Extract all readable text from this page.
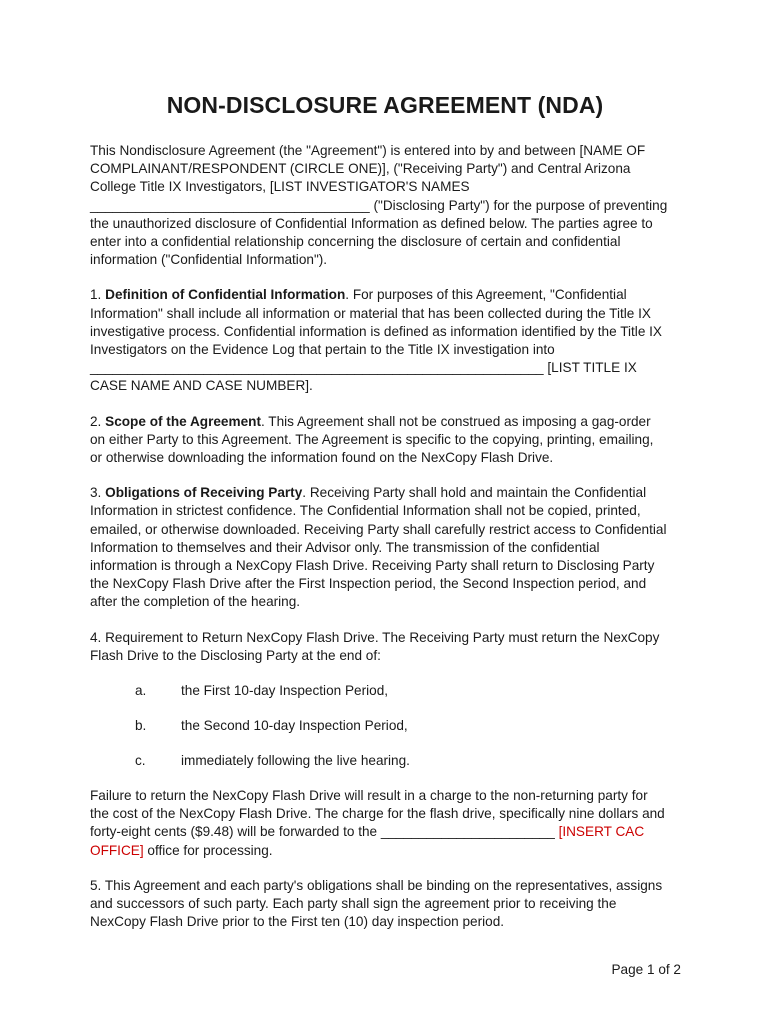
NON-DISCLOSURE AGREEMENT (NDA)
This Nondisclosure Agreement (the "Agreement") is entered into by and between [NAME OF
COMPLAINANT/RESPONDENT (CIRCLE ONE)], ("Receiving Party") and Central Arizona
College Title IX Investigators, [LIST INVESTIGATOR'S NAMES
_____________________________________ ("Disclosing Party") for the purpose of preventing
the unauthorized disclosure of Confidential Information as defined below. The parties agree to
enter into a confidential relationship concerning the disclosure of certain and confidential
information ("Confidential Information").
1. Definition of Confidential Information. For purposes of this Agreement, "Confidential
Information" shall include all information or material that has been collected during the Title IX
investigative process. Confidential information is defined as information identified by the Title IX
Investigators on the Evidence Log that pertain to the Title IX investigation into
____________________________________________________________ [LIST TITLE IX
CASE NAME AND CASE NUMBER].
2. Scope of the Agreement. This Agreement shall not be construed as imposing a gag-order
on either Party to this Agreement. The Agreement is specific to the copying, printing, emailing,
or otherwise downloading the information found on the NexCopy Flash Drive.
3. Obligations of Receiving Party. Receiving Party shall hold and maintain the Confidential
Information in strictest confidence. The Confidential Information shall not be copied, printed,
emailed, or otherwise downloaded. Receiving Party shall carefully restrict access to Confidential
Information to themselves and their Advisor only. The transmission of the confidential
information is through a NexCopy Flash Drive. Receiving Party shall return to Disclosing Party
the NexCopy Flash Drive after the First Inspection period, the Second Inspection period, and
after the completion of the hearing.
4. Requirement to Return NexCopy Flash Drive. The Receiving Party must return the NexCopy
Flash Drive to the Disclosing Party at the end of:
a.	the First 10-day Inspection Period,
b.	the Second 10-day Inspection Period,
c.	immediately following the live hearing.
Failure to return the NexCopy Flash Drive will result in a charge to the non-returning party for
the cost of the NexCopy Flash Drive. The charge for the flash drive, specifically nine dollars and
forty-eight cents ($9.48) will be forwarded to the _______________________ [INSERT CAC
OFFICE] office for processing.
5. This Agreement and each party's obligations shall be binding on the representatives, assigns
and successors of such party. Each party shall sign the agreement prior to receiving the
NexCopy Flash Drive prior to the First ten (10) day inspection period.
Page 1 of 2
